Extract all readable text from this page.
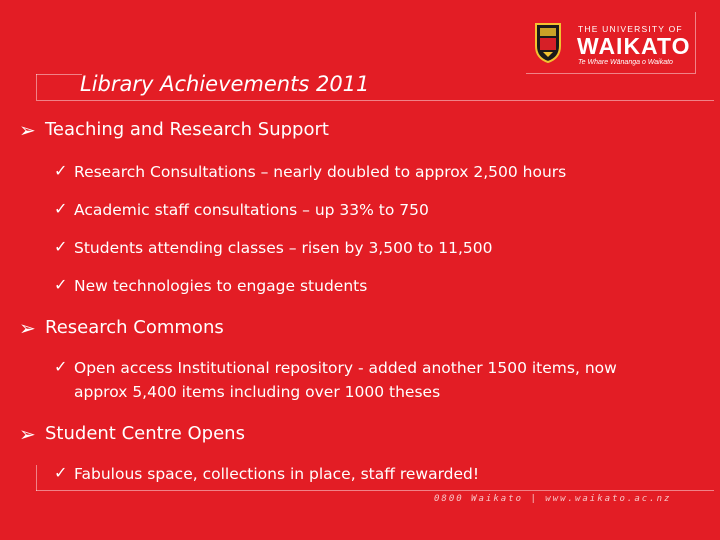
THE UNIVERSITY OF
WAIKATO
Te Whare Wānanga o Waikato
Library Achievements 2011
➢ Teaching and Research Support
✓ Research Consultations – nearly doubled to approx 2,500 hours
✓ Academic staff consultations – up 33% to 750
✓ Students attending classes – risen by 3,500 to 11,500
✓ New technologies to engage students
➢ Research Commons
✓ Open access Institutional repository - added another 1500 items, now
approx 5,400 items including over 1000 theses
➢ Student Centre Opens
✓ Fabulous space, collections in place, staff rewarded!
0800 Waikato | www.waikato.ac.nz
